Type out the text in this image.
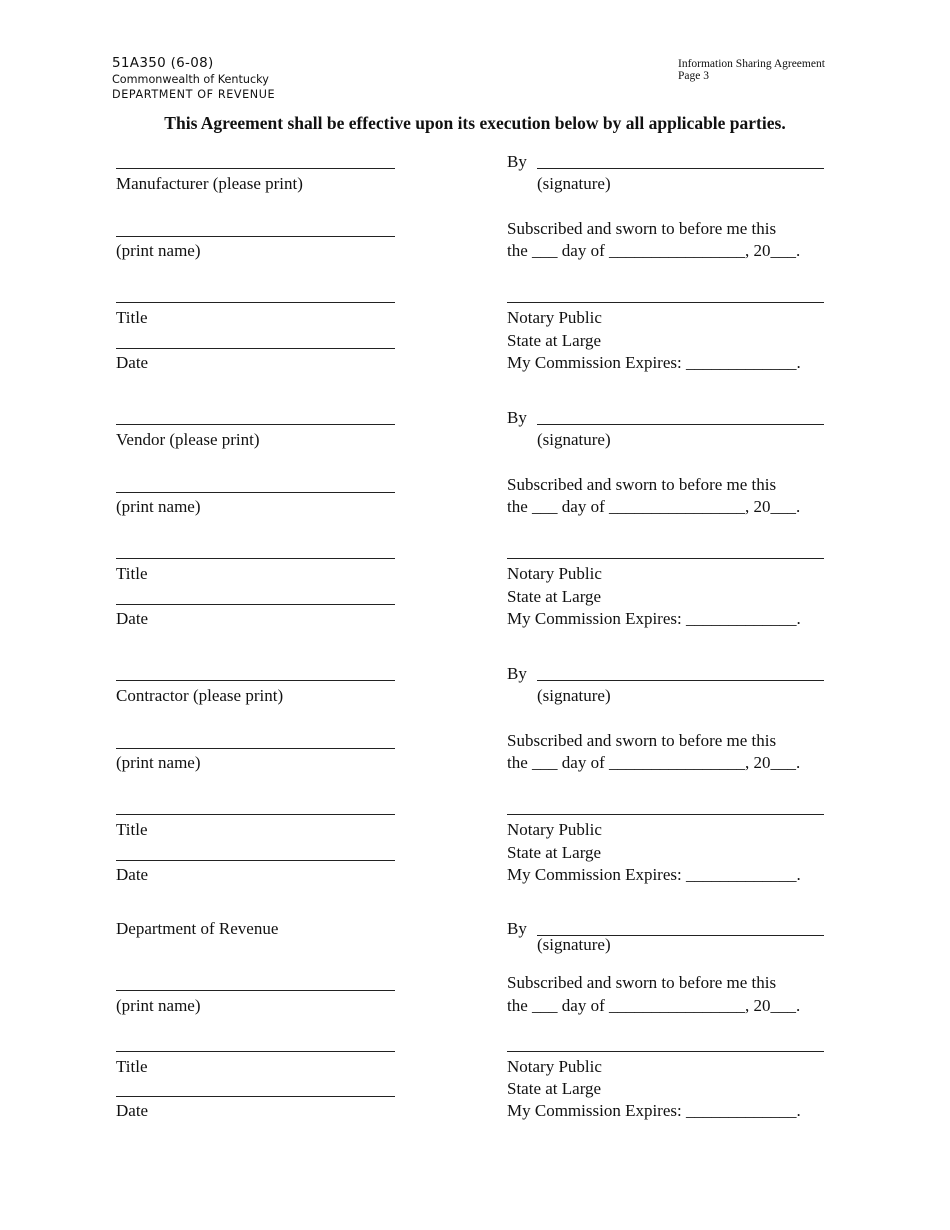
51A350 (6-08)
Commonwealth of Kentucky
DEPARTMENT OF REVENUE
Information Sharing Agreement
Page 3
This Agreement shall be effective upon its execution below by all applicable parties.
Manufacturer (please print)
(print name)
Title
Date
By
(signature)
Subscribed and sworn to before me this
the ___ day of ________________, 20___.
Notary Public
State at Large
My Commission Expires: _____________.
Vendor (please print)
(print name)
Title
Date
By
(signature)
Subscribed and sworn to before me this
the ___ day of ________________, 20___.
Notary Public
State at Large
My Commission Expires: _____________.
Contractor (please print)
(print name)
Title
Date
By
(signature)
Subscribed and sworn to before me this
the ___ day of ________________, 20___.
Notary Public
State at Large
My Commission Expires: _____________.
Department of Revenue
(print name)
Title
Date
By
(signature)
Subscribed and sworn to before me this
the ___ day of ________________, 20___.
Notary Public
State at Large
My Commission Expires: _____________.
